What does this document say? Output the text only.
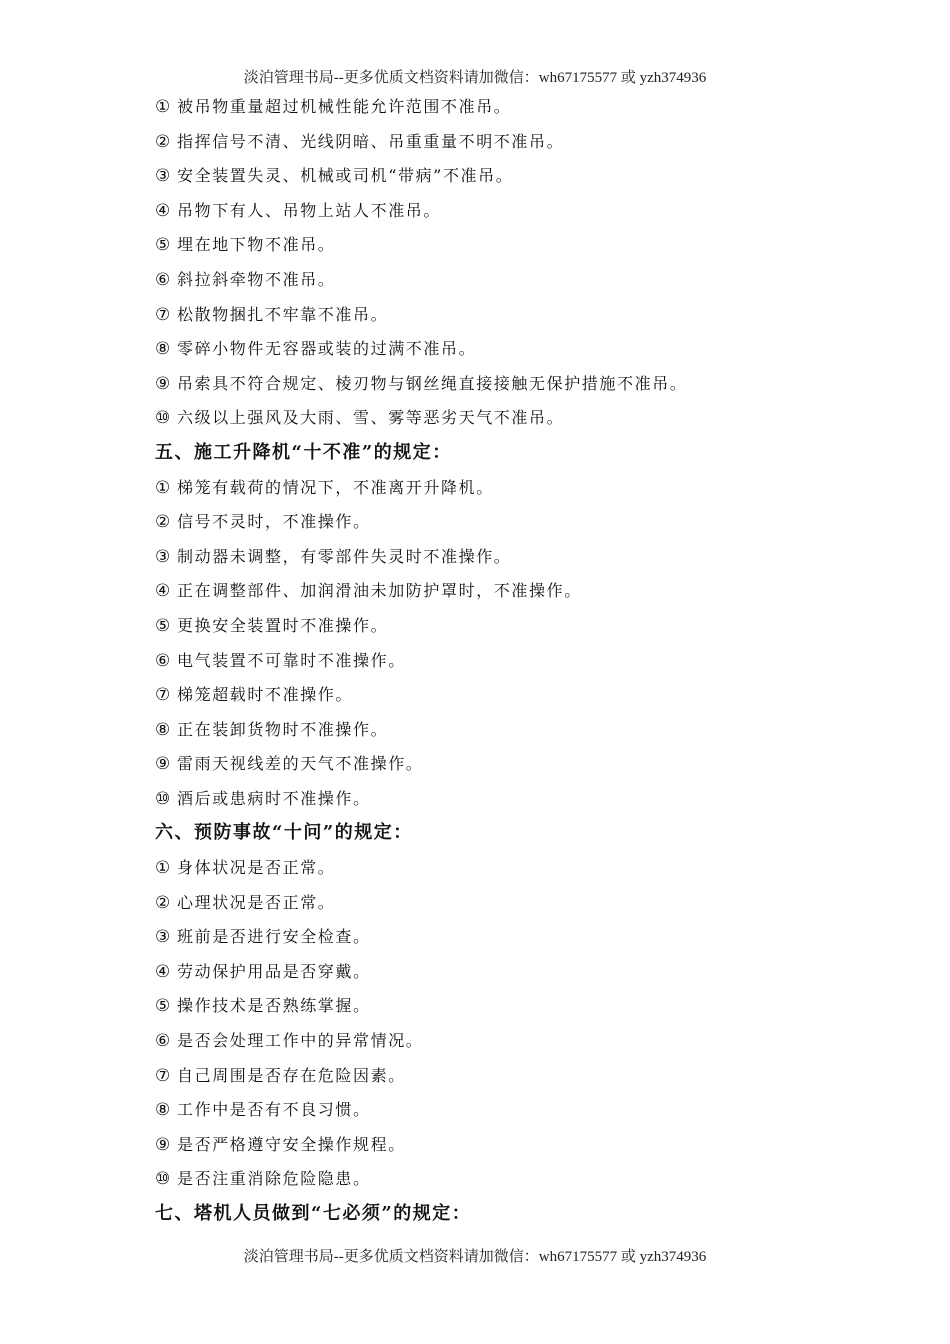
淡泊管理书局--更多优质文档资料请加微信：wh67175577 或 yzh374936
① 被吊物重量超过机械性能允许范围不准吊。
② 指挥信号不清、光线阴暗、吊重重量不明不准吊。
③ 安全装置失灵、机械或司机“带病”不准吊。
④ 吊物下有人、吊物上站人不准吊。
⑤ 埋在地下物不准吊。
⑥ 斜拉斜牵物不准吊。
⑦ 松散物捆扎不牢靠不准吊。
⑧ 零碎小物件无容器或装的过满不准吊。
⑨ 吊索具不符合规定、棱刃物与钢丝绳直接接触无保护措施不准吊。
⑩ 六级以上强风及大雨、雪、雾等恶劣天气不准吊。
五、施工升降机“十不准”的规定：
① 梯笼有载荷的情况下，不准离开升降机。
② 信号不灵时，不准操作。
③ 制动器未调整，有零部件失灵时不准操作。
④ 正在调整部件、加润滑油未加防护罩时，不准操作。
⑤ 更换安全装置时不准操作。
⑥ 电气装置不可靠时不准操作。
⑦ 梯笼超载时不准操作。
⑧ 正在装卸货物时不准操作。
⑨ 雷雨天视线差的天气不准操作。
⑩ 酒后或患病时不准操作。
六、预防事故“十问”的规定：
① 身体状况是否正常。
② 心理状况是否正常。
③ 班前是否进行安全检查。
④ 劳动保护用品是否穿戴。
⑤ 操作技术是否熟练掌握。
⑥ 是否会处理工作中的异常情况。
⑦ 自己周围是否存在危险因素。
⑧ 工作中是否有不良习惯。
⑨ 是否严格遵守安全操作规程。
⑩ 是否注重消除危险隐患。
七、塔机人员做到“七必须”的规定：
淡泊管理书局--更多优质文档资料请加微信：wh67175577 或 yzh374936
